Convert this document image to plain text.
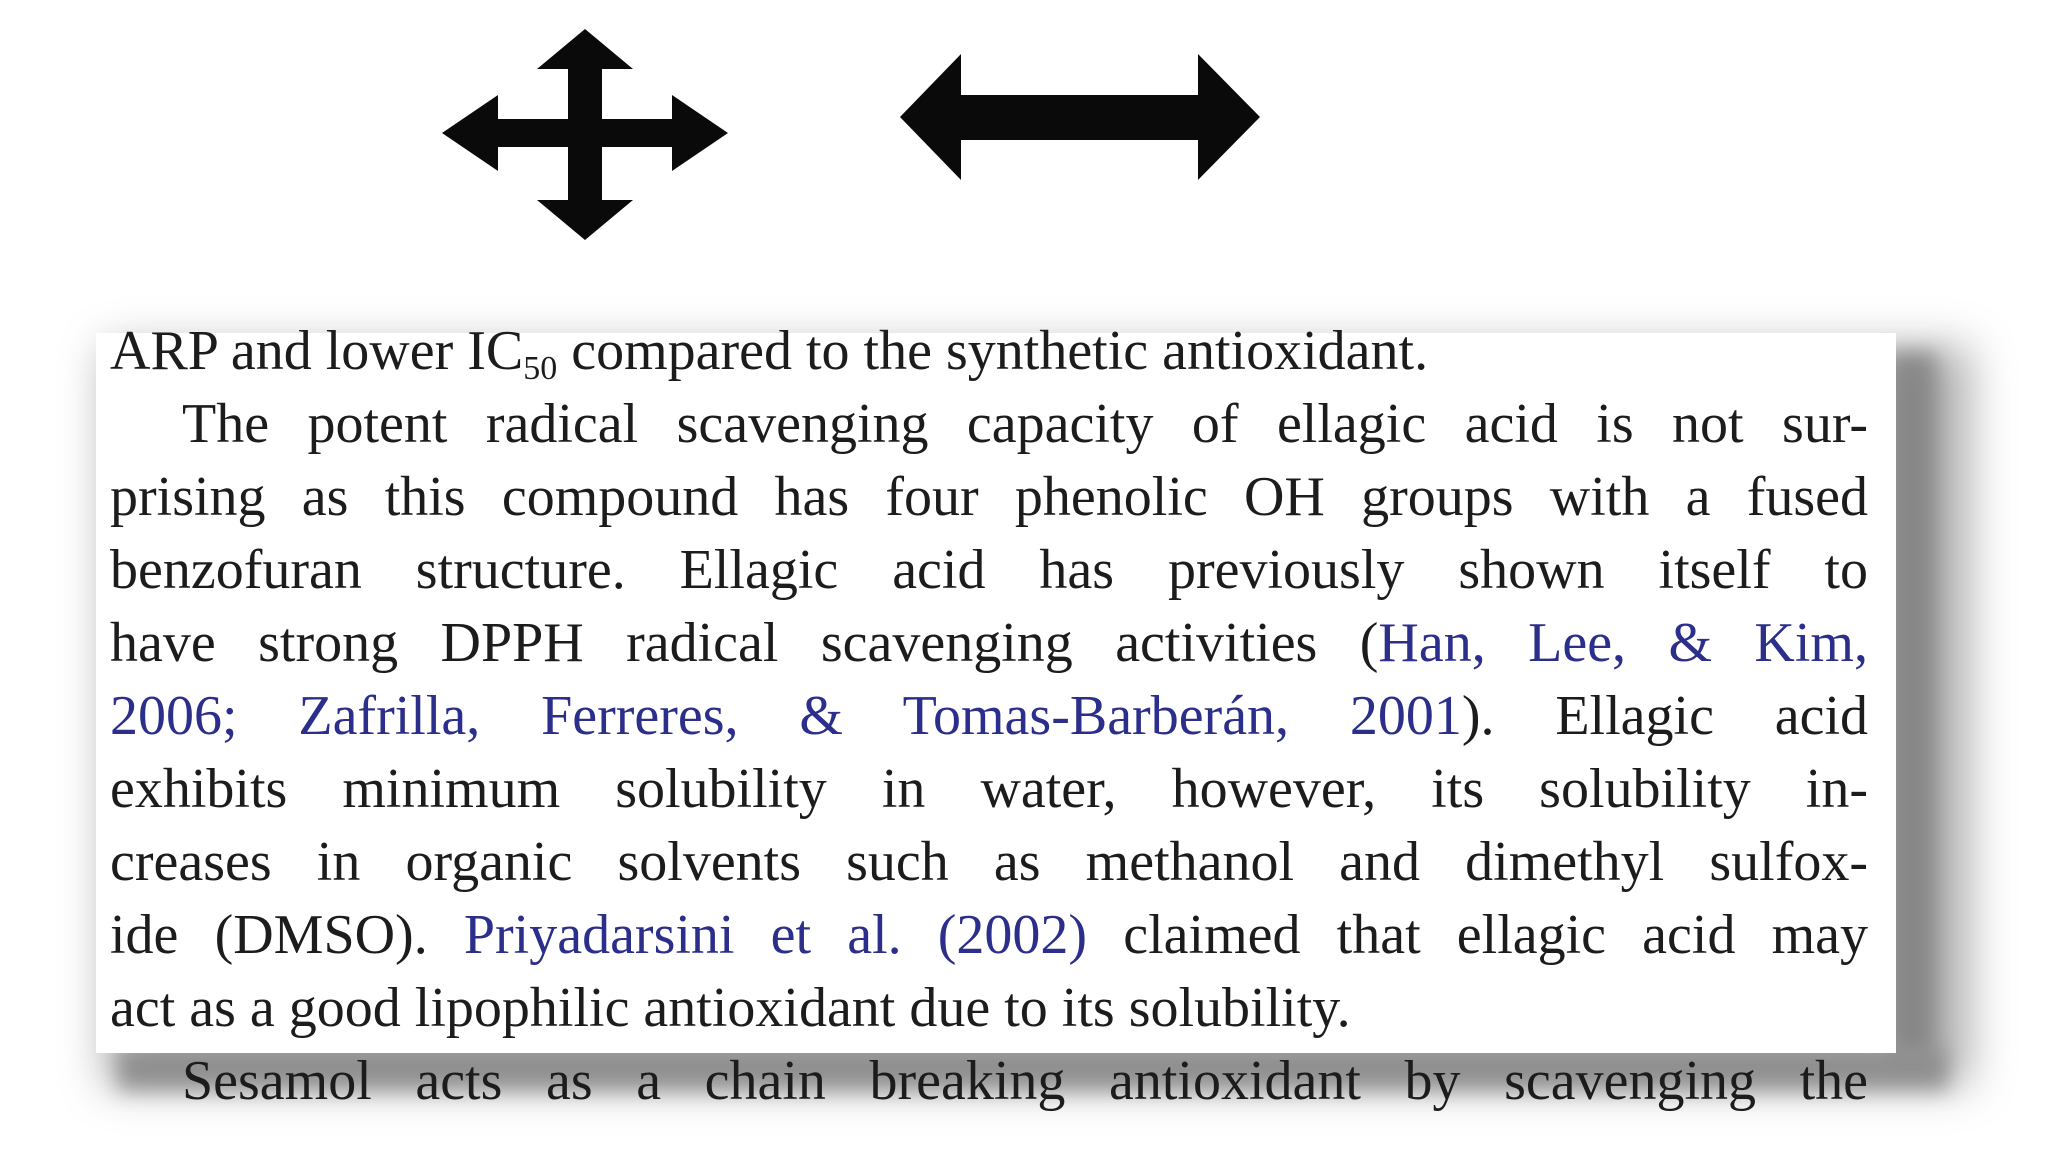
ARP and lower $IC_{50}$ compared to the synthetic antioxidant.
The potent radical scavenging capacity of ellagic acid is not sur-
prising as this compound has four phenolic OH groups with a fused
benzofuran structure. Ellagic acid has previously shown itself to
have strong DPPH radical scavenging activities (Han, Lee, & Kim,
2006; Zafrilla, Ferreres, & Tomas-Barberán, 2001). Ellagic acid
exhibits minimum solubility in water, however, its solubility in-
creases in organic solvents such as methanol and dimethyl sulfox-
ide (DMSO). Priyadarsini et al. (2002) claimed that ellagic acid may
act as a good lipophilic antioxidant due to its solubility.
Sesamol acts as a chain breaking antioxidant by scavenging the
